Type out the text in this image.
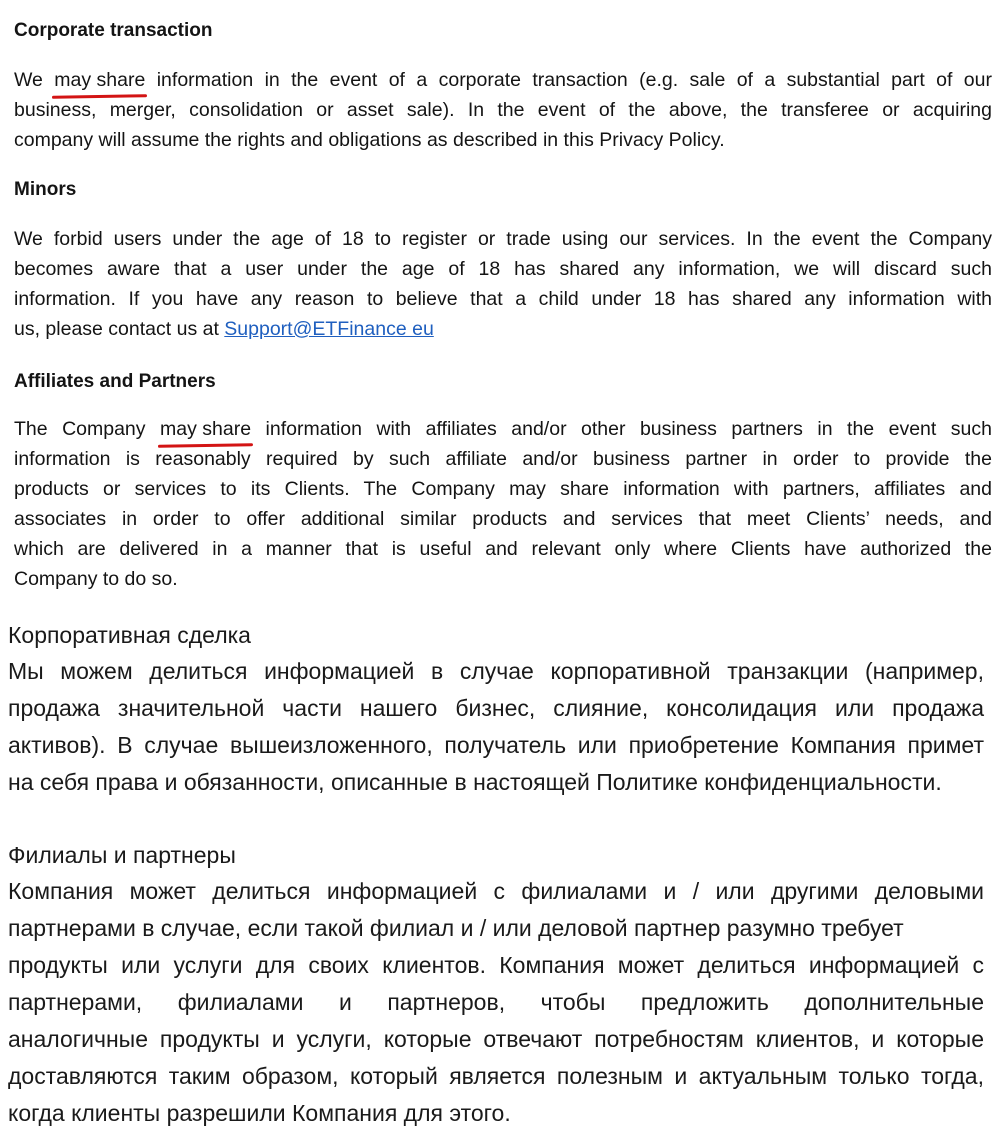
Corporate transaction
We may share information in the event of a corporate transaction (e.g. sale of a substantial part of our
business, merger, consolidation or asset sale). In the event of the above, the transferee or acquiring
company will assume the rights and obligations as described in this Privacy Policy.
Minors
We forbid users under the age of 18 to register or trade using our services. In the event the Company
becomes aware that a user under the age of 18 has shared any information, we will discard such
information. If you have any reason to believe that a child under 18 has shared any information with
us, please contact us at Support@ETFinance eu
Affiliates and Partners
The Company may share information with affiliates and/or other business partners in the event such
information is reasonably required by such affiliate and/or business partner in order to provide the
products or services to its Clients. The Company may share information with partners, affiliates and
associates in order to offer additional similar products and services that meet Clients’ needs, and
which are delivered in a manner that is useful and relevant only where Clients have authorized the
Company to do so.
Корпоративная сделка
Мы можем делиться информацией в случае корпоративной транзакции (например,
продажа значительной части нашего бизнес, слияние, консолидация или продажа
активов). В случае вышеизложенного, получатель или приобретение Компания примет
на себя права и обязанности, описанные в настоящей Политике конфиденциальности.
Филиалы и партнеры
Компания может делиться информацией с филиалами и / или другими деловыми
партнерами в случае, если такой филиал и / или деловой партнер разумно требует
продукты или услуги для своих клиентов. Компания может делиться информацией с
партнерами, филиалами и партнеров, чтобы предложить дополнительные
аналогичные продукты и услуги, которые отвечают потребностям клиентов, и которые
доставляются таким образом, который является полезным и актуальным только тогда,
когда клиенты разрешили Компания для этого.
